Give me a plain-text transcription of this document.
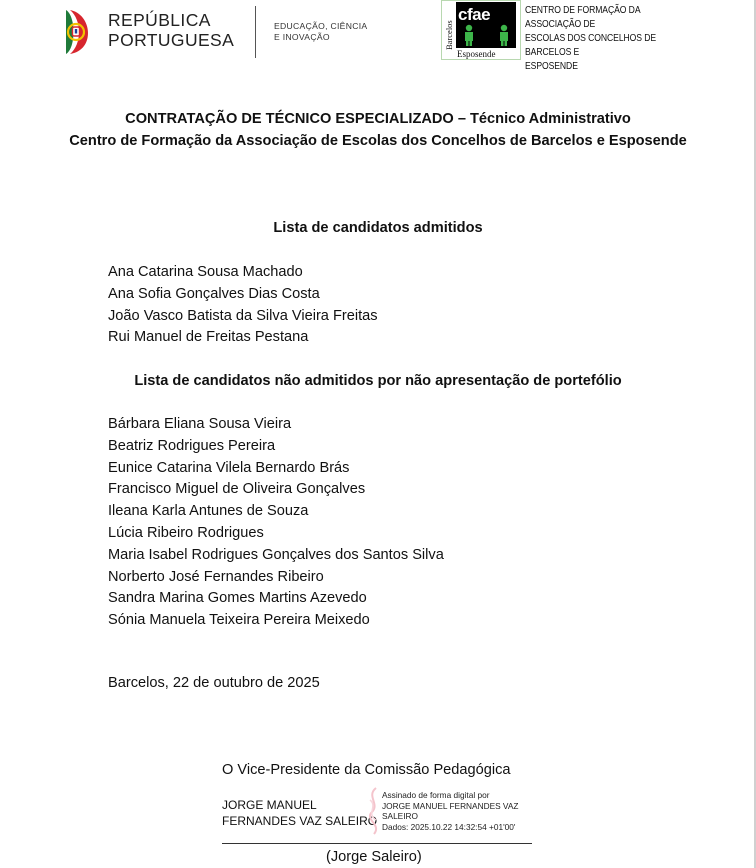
REPÚBLICA
PORTUGUESA
EDUCAÇÃO, CIÊNCIA
E INOVAÇÃO	Barcelos
cfae
Esposende
CENTRO DE FORMAÇÃO DA ASSOCIAÇÃO DE
ESCOLAS DOS CONCELHOS DE BARCELOS E
ESPOSENDE
CONTRATAÇÃO DE TÉCNICO ESPECIALIZADO – Técnico Administrativo
Centro de Formação da Associação de Escolas dos Concelhos de Barcelos e Esposende
Lista de candidatos admitidos
Ana Catarina Sousa Machado
Ana Sofia Gonçalves Dias Costa
João Vasco Batista da Silva Vieira Freitas
Rui Manuel de Freitas Pestana
Lista de candidatos não admitidos por não apresentação de portefólio
Bárbara Eliana Sousa Vieira
Beatriz Rodrigues Pereira
Eunice Catarina Vilela Bernardo Brás
Francisco Miguel de Oliveira Gonçalves
Ileana Karla Antunes de Souza
Lúcia Ribeiro Rodrigues
Maria Isabel Rodrigues Gonçalves dos Santos Silva
Norberto José Fernandes Ribeiro
Sandra Marina Gomes Martins Azevedo
Sónia Manuela Teixeira Pereira Meixedo
Barcelos, 22 de outubro de 2025
O Vice-Presidente da Comissão Pedagógica
JORGE MANUEL
FERNANDES VAZ SALEIRO
Assinado de forma digital por
JORGE MANUEL FERNANDES VAZ
SALEIRO
Dados: 2025.10.22 14:32:54 +01'00'
(Jorge Saleiro)
